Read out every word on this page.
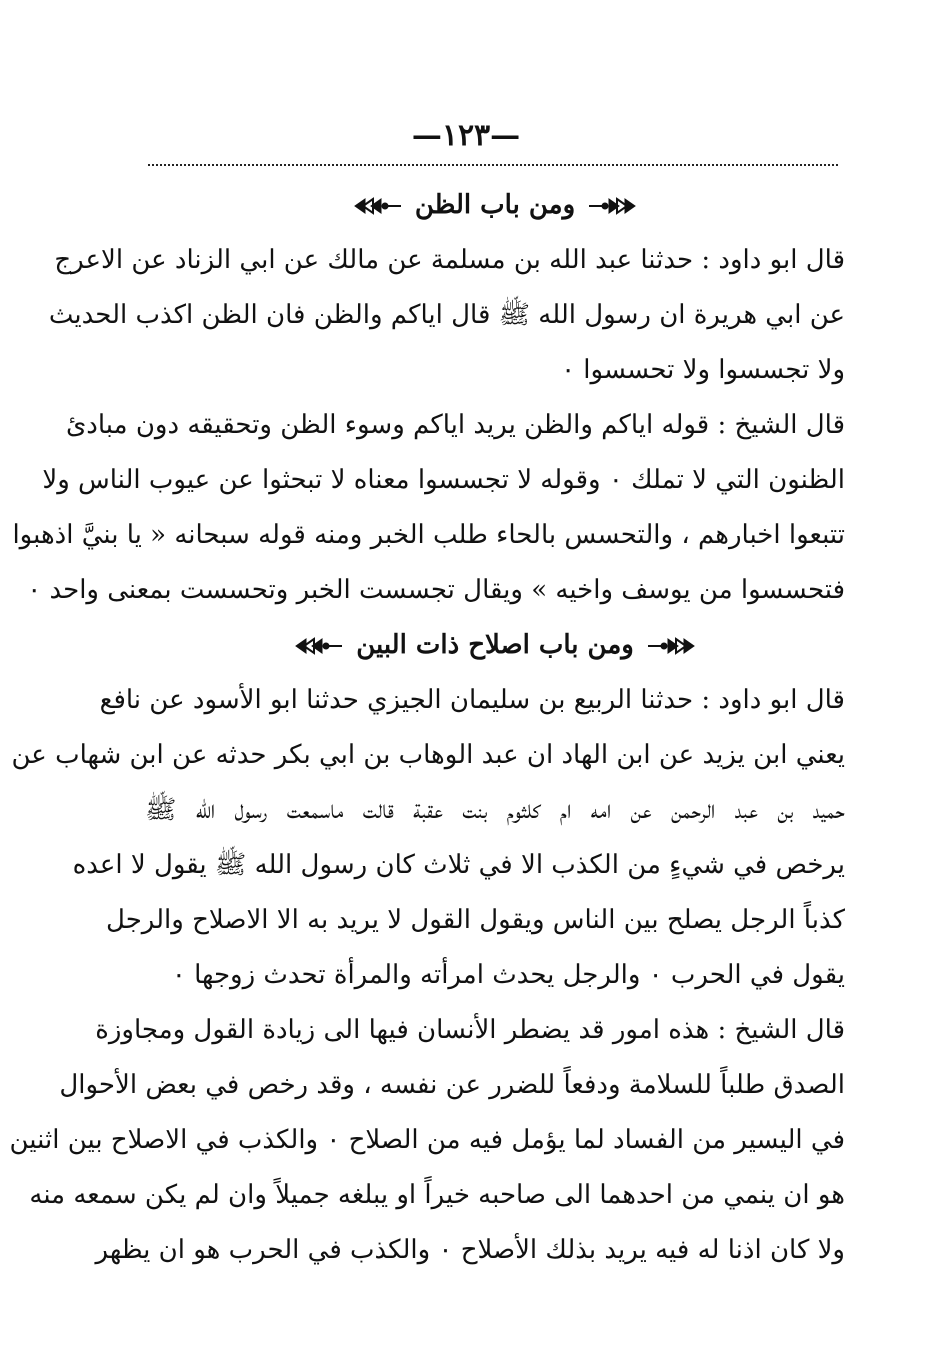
—١٢٣—
ومن باب الظن
قال ابو داود : حدثنا عبد الله بن مسلمة عن مالك عن ابي الزناد عن الاعرج
عن ابي هريرة ان رسول الله ﷺ قال اياكم والظن فان الظن اكذب الحديث
ولا تجسسوا ولا تحسسوا ٠
قال الشيخ : قوله اياكم والظن يريد اياكم وسوء الظن وتحقيقه دون مبادئ
الظنون التي لا تملك ٠ وقوله لا تجسسوا معناه لا تبحثوا عن عيوب الناس ولا
تتبعوا اخبارهم ، والتحسس بالحاء طلب الخبر ومنه قوله سبحانه « يا بنيَّ اذهبوا
فتحسسوا من يوسف واخيه » ويقال تجسست الخبر وتحسست بمعنى واحد ٠
ومن باب اصلاح ذات البين
قال ابو داود : حدثنا الربيع بن سليمان الجيزي حدثنا ابو الأسود عن نافع
يعني ابن يزيد عن ابن الهاد ان عبد الوهاب بن ابي بكر حدثه عن ابن شهاب عن
حميد بن عبد الرحمن عن امه ام كلثوم بنت عقبة قالت ماسمعت رسول الله ﷺ
يرخص في شيءٍ من الكذب الا في ثلاث كان رسول الله ﷺ يقول لا اعده
كذباً الرجل يصلح بين الناس ويقول القول لا يريد به الا الاصلاح والرجل
يقول في الحرب ٠ والرجل يحدث امرأته والمرأة تحدث زوجها ٠
قال الشيخ : هذه امور قد يضطر الأنسان فيها الى زيادة القول ومجاوزة
الصدق طلباً للسلامة ودفعاً للضرر عن نفسه ، وقد رخص في بعض الأحوال
في اليسير من الفساد لما يؤمل فيه من الصلاح ٠ والكذب في الاصلاح بين اثنين
هو ان ينمي من احدهما الى صاحبه خيراً او يبلغه جميلاً وان لم يكن سمعه منه
ولا كان اذنا له فيه يريد بذلك الأصلاح ٠ والكذب في الحرب هو ان يظهر
